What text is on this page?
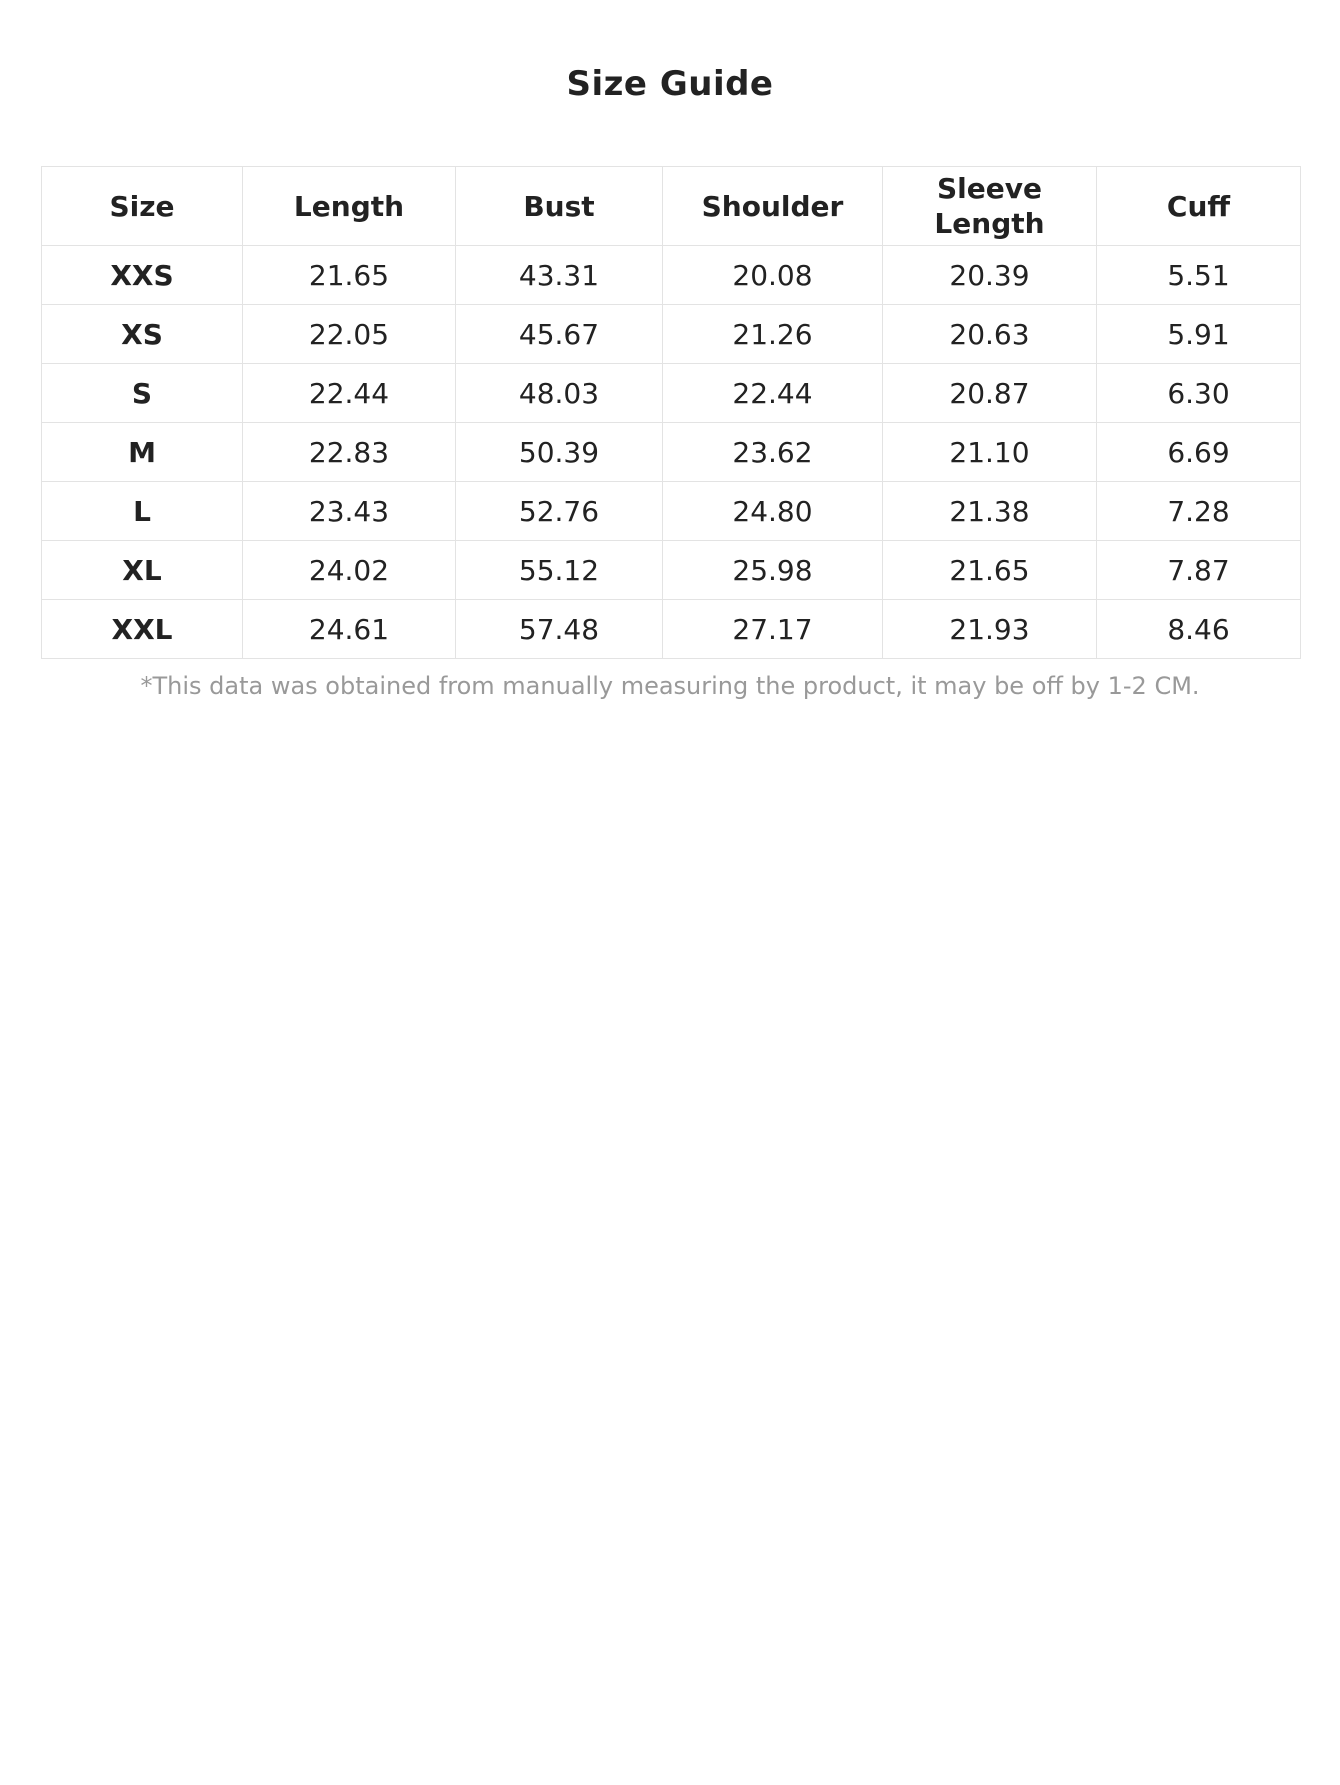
Size Guide
Size	Length	Bust	Shoulder	Sleeve Length	Cuff
XXS	21.65	43.31	20.08	20.39	5.51
XS	22.05	45.67	21.26	20.63	5.91
S	22.44	48.03	22.44	20.87	6.30
M	22.83	50.39	23.62	21.10	6.69
L	23.43	52.76	24.80	21.38	7.28
XL	24.02	55.12	25.98	21.65	7.87
XXL	24.61	57.48	27.17	21.93	8.46
*This data was obtained from manually measuring the product, it may be off by 1-2 CM.
